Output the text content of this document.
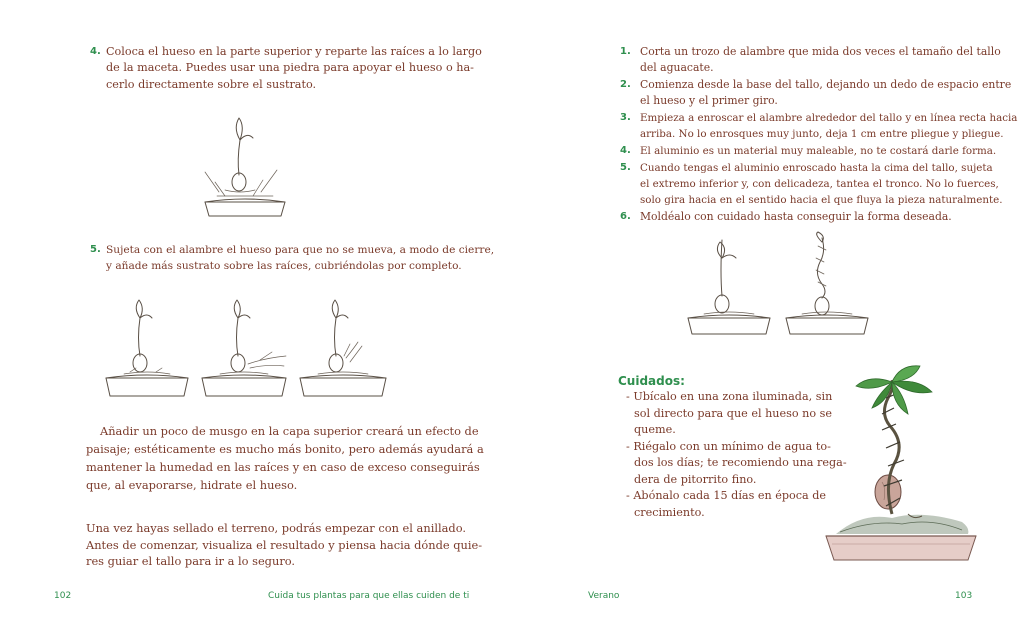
4. Coloca el hueso en la parte superior y reparte las raíces a lo largo
de la maceta. Puedes usar una piedra para apoyar el hueso o ha-
cerlo directamente sobre el sustrato.
5. Sujeta con el alambre el hueso para que no se mueva, a modo de cierre,
y añade más sustrato sobre las raíces, cubriéndolas por completo.
Añadir un poco de musgo en la capa superior creará un efecto de
paisaje; estéticamente es mucho más bonito, pero además ayudará a
mantener la humedad en las raíces y en caso de exceso conseguirás
que, al evaporarse, hidrate el hueso.
Una vez hayas sellado el terreno, podrás empezar con el anillado.
Antes de comenzar, visualiza el resultado y piensa hacia dónde quie-
res guiar el tallo para ir a lo seguro.
102	Cuida tus plantas para que ellas cuiden de ti
1. Corta un trozo de alambre que mida dos veces el tamaño del tallo
del aguacate.
2. Comienza desde la base del tallo, dejando un dedo de espacio entre
el hueso y el primer giro.
3. Empieza a enroscar el alambre alrededor del tallo y en línea recta hacia
arriba. No lo enrosques muy junto, deja 1 cm entre pliegue y pliegue.
4. El aluminio es un material muy maleable, no te costará darle forma.
5. Cuando tengas el aluminio enroscado hasta la cima del tallo, sujeta
el extremo inferior y, con delicadeza, tantea el tronco. No lo fuerces,
solo gira hacia en el sentido hacia el que fluya la pieza naturalmente.
6. Moldéalo con cuidado hasta conseguir la forma deseada.
Cuidados:
- Ubícalo en una zona iluminada, sin
sol directo para que el hueso no se
queme.
- Riégalo con un mínimo de agua to-
dos los días; te recomiendo una rega-
dera de pitorrito fino.
- Abónalo cada 15 días en época de
crecimiento.
Verano	103
